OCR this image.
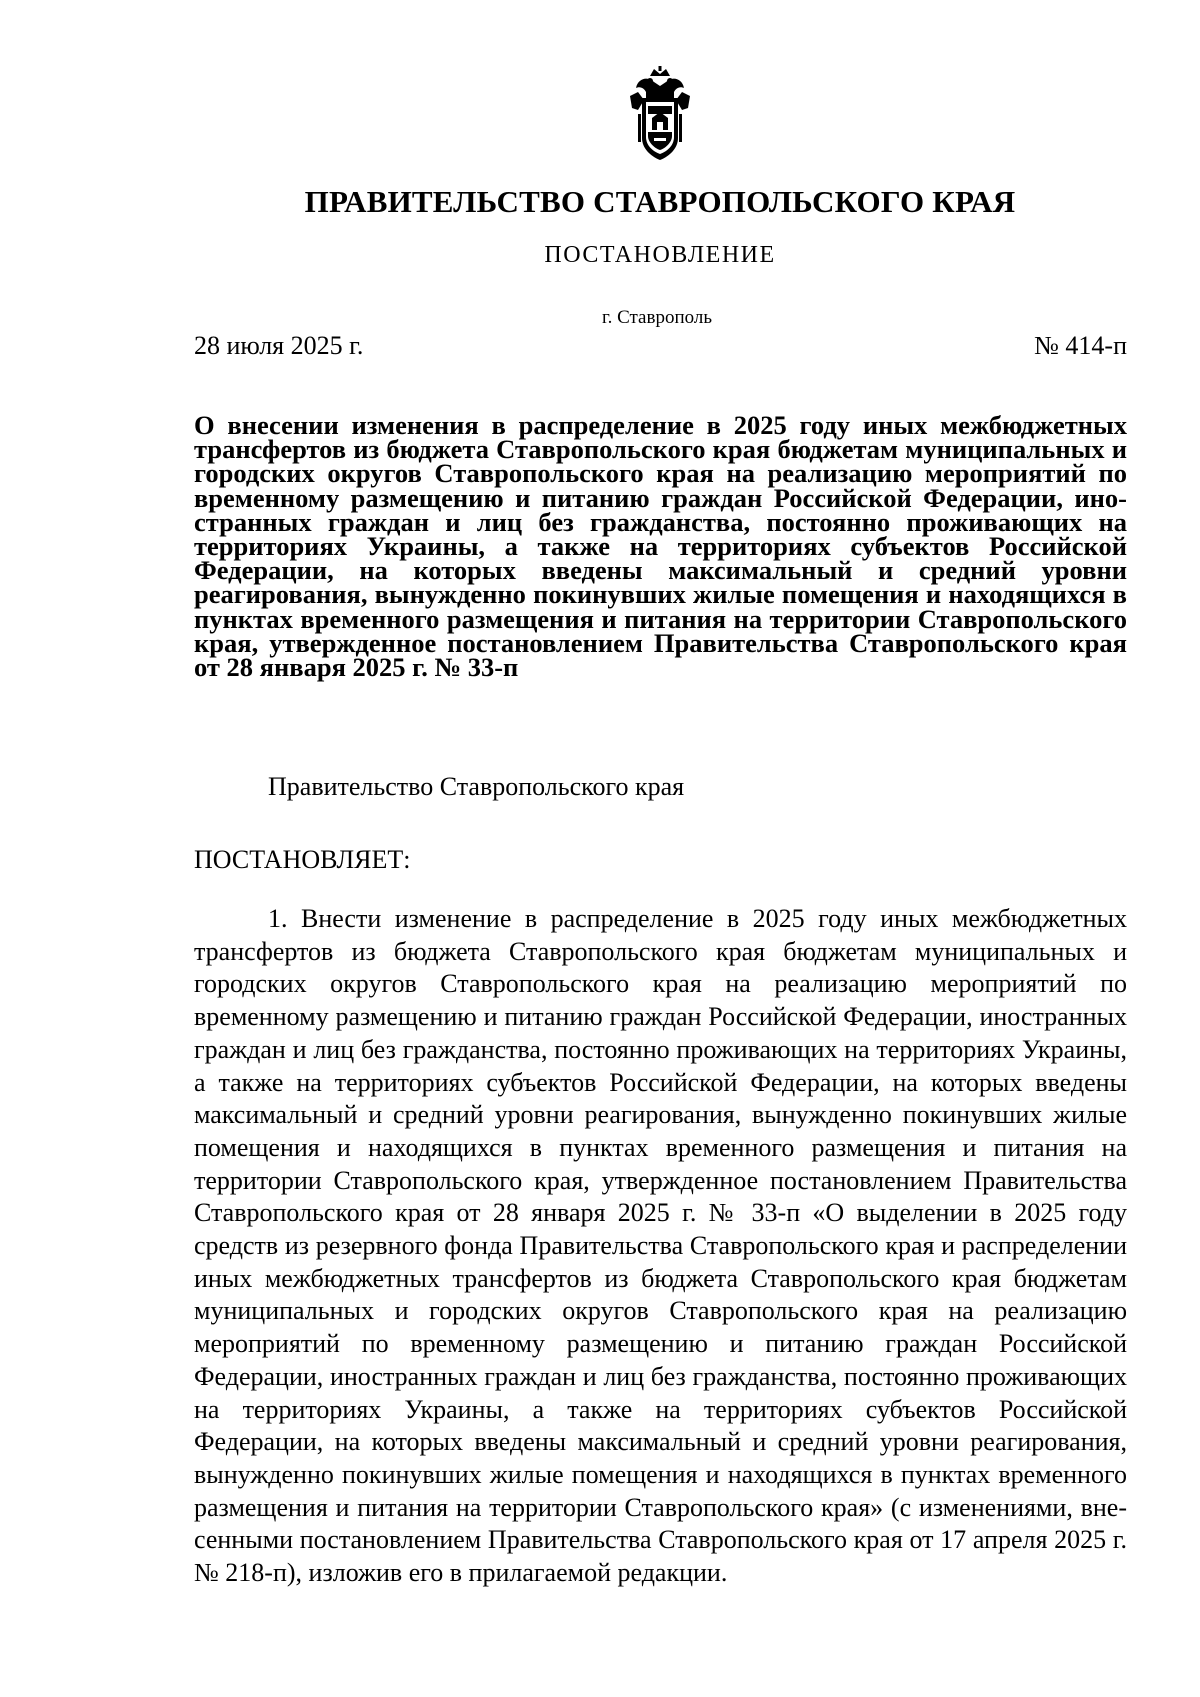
ПРАВИТЕЛЬСТВО СТАВРОПОЛЬСКОГО КРАЯ
ПОСТАНОВЛЕНИЕ
г. Ставрополь
28 июля 2025 г.	№ 414-п
О внесении изменения в распределение в 2025 году иных межбюджетных трансфертов из бюджета Ставропольского края бюджетам муниципальных и городских округов Ставропольского края на реализацию мероприятий по временному размещению и питанию граждан Российской Федерации, иностранных граждан и лиц без гражданства, постоянно проживающих на территориях Украины, а также на территориях субъектов Российской Федерации, на которых введены максимальный и средний уровни реагирования, вынужденно покинувших жилые помещения и находящихся в пунктах временного размещения и питания на территории Ставропольского края, утвержденное постановлением Правительства Ставропольского края от 28 января 2025 г. № 33-п
Правительство Ставропольского края
ПОСТАНОВЛЯЕТ:
1. Внести изменение в распределение в 2025 году иных межбюджетных трансфертов из бюджета Ставропольского края бюджетам муниципальных и городских округов Ставропольского края на реализацию мероприятий по временному размещению и питанию граждан Российской Федерации, иностранных граждан и лиц без гражданства, постоянно проживающих на территориях Украины, а также на территориях субъектов Российской Федерации, на которых введены максимальный и средний уровни реагирования, вынужденно покинувших жилые помещения и находящихся в пунктах временного размещения и питания на территории Ставропольского края, утвержденное постановлением Правительства Ставропольского края от 28 января 2025 г. № 33-п «О выделении в 2025 году средств из резервного фонда Правительства Ставропольского края и распределении иных межбюджетных трансфертов из бюджета Ставропольского края бюджетам муниципальных и городских округов Ставропольского края на реализацию мероприятий по временному размещению и питанию граждан Российской Федерации, иностранных граждан и лиц без гражданства, постоянно проживающих на территориях Украины, а также на территориях субъектов Российской Федерации, на которых введены максимальный и средний уровни реагирования, вынужденно покинувших жилые помещения и находящихся в пунктах временного размещения и питания на территории Ставропольского края» (с изменениями, внесенными постановлением Правительства Ставропольского края от 17 апреля 2025 г. № 218-п), изложив его в прилагаемой редакции.
